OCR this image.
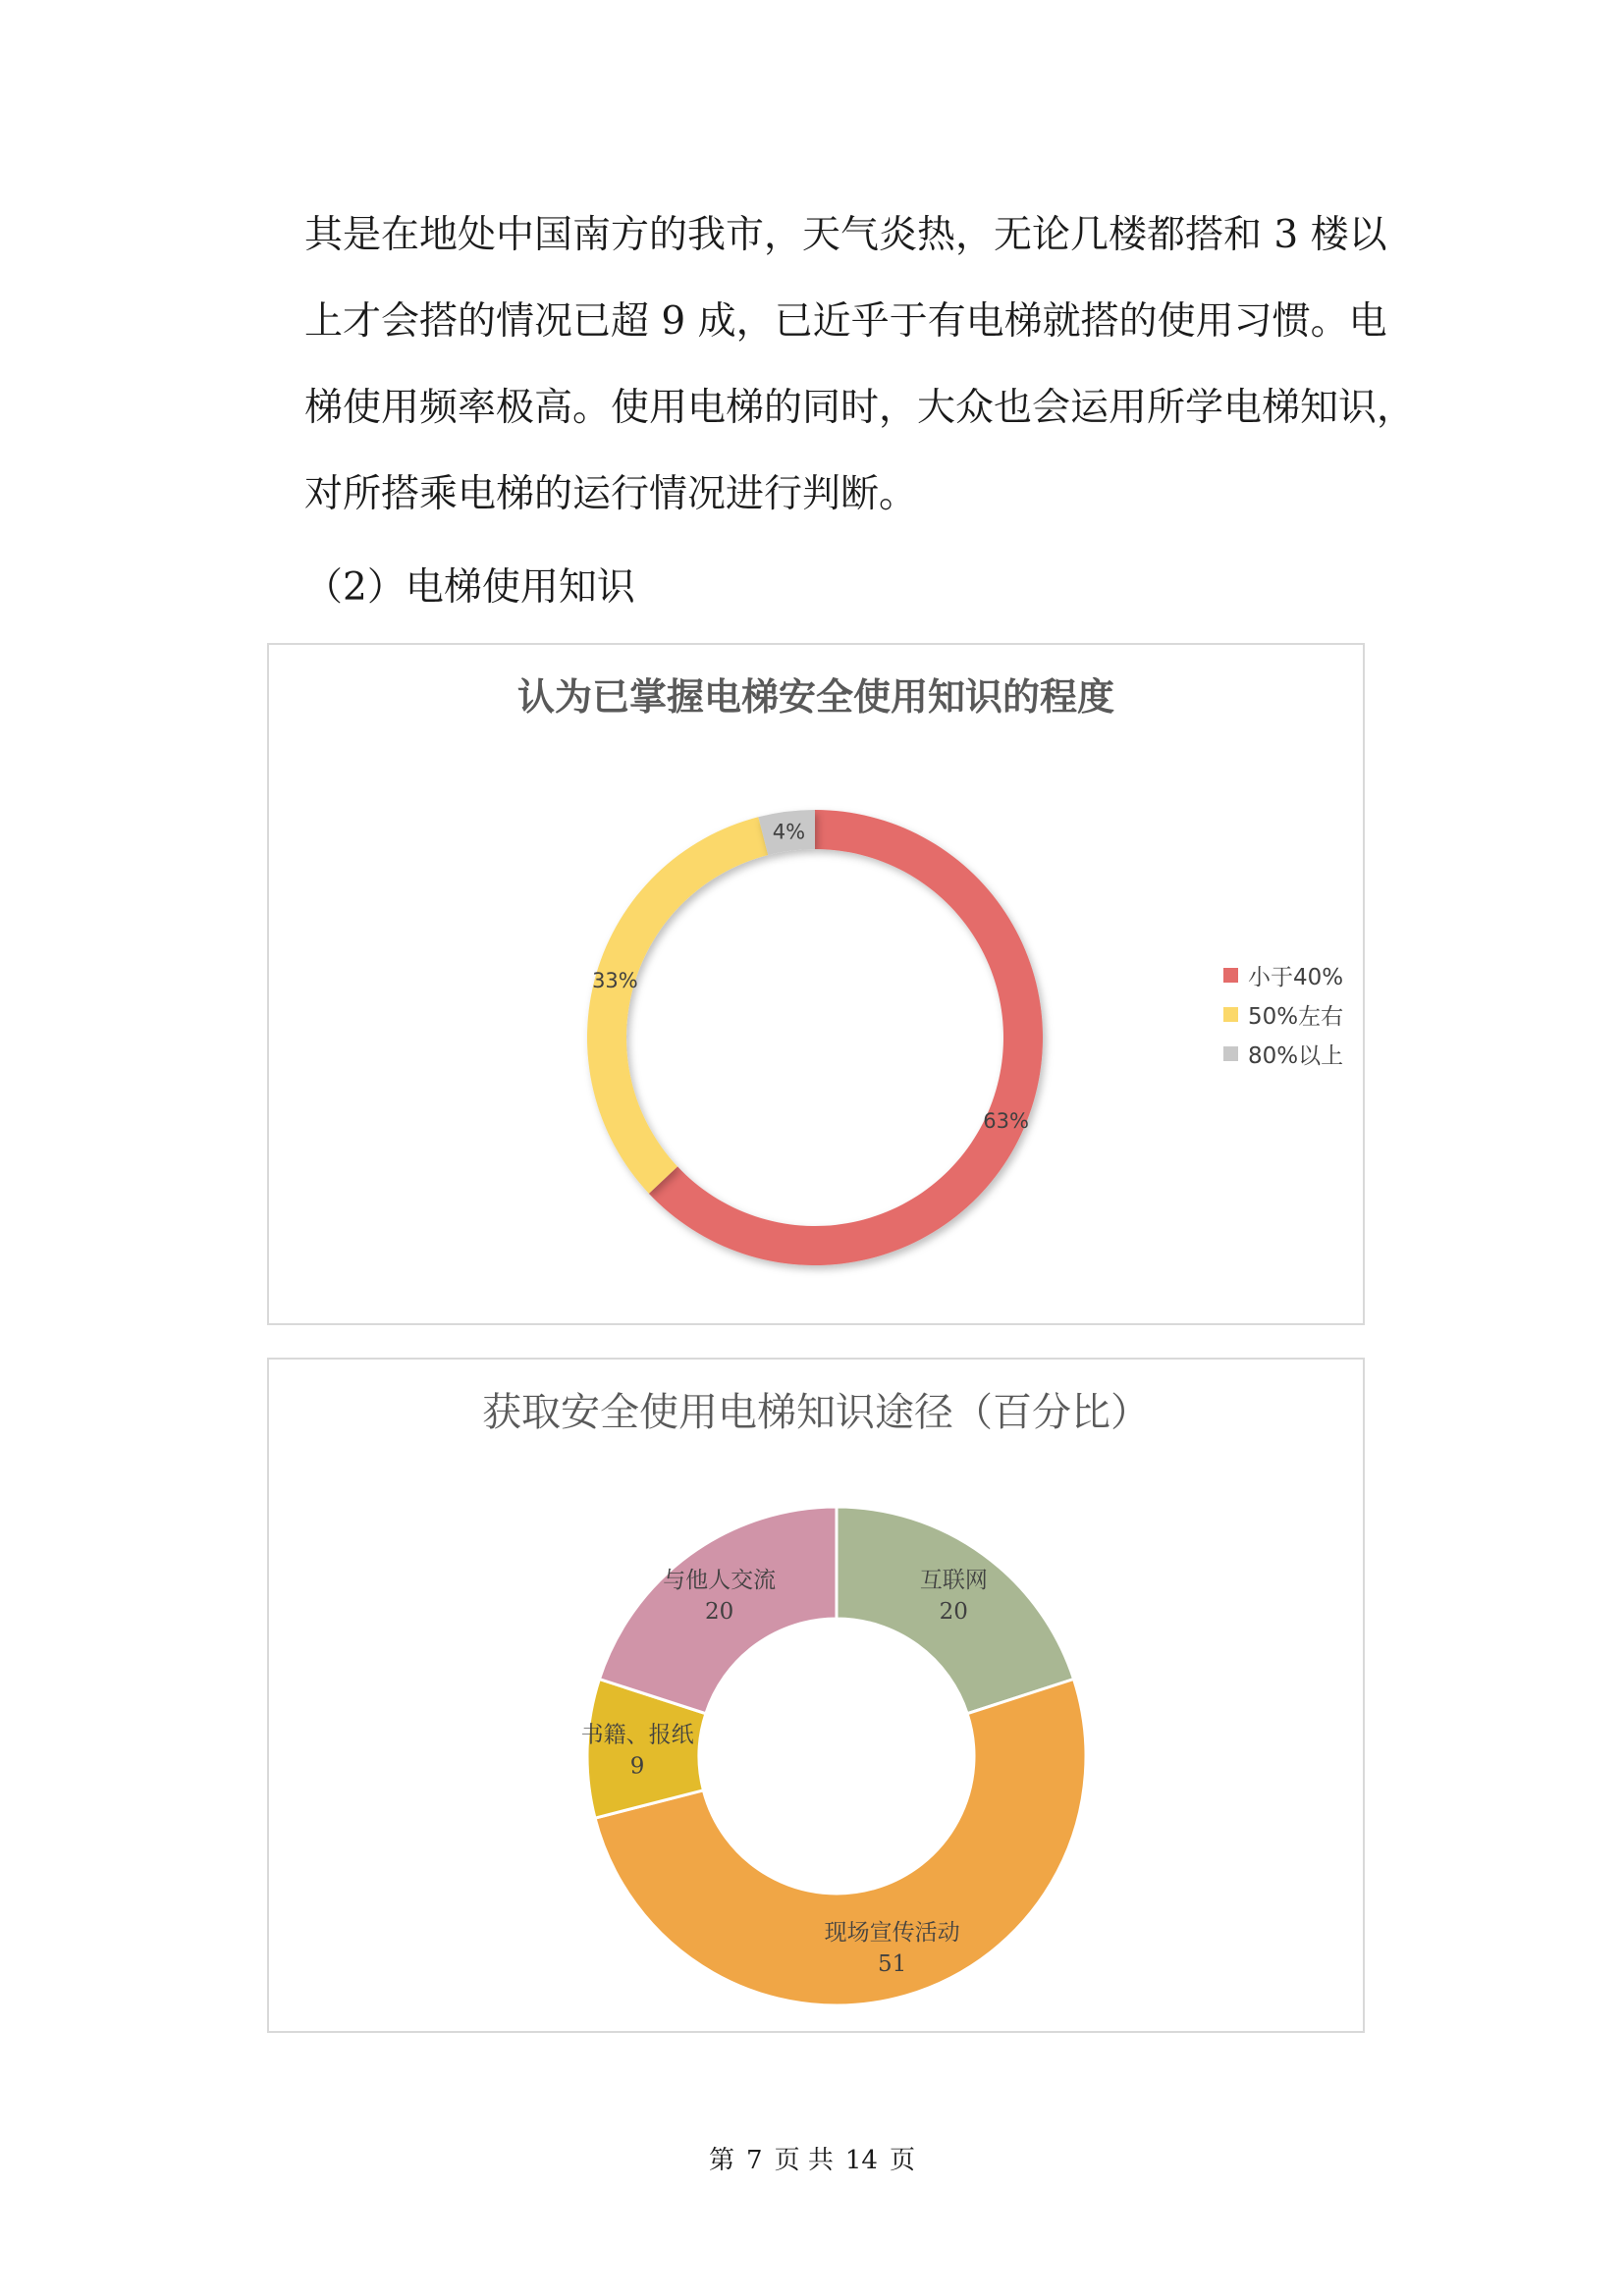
其是在地处中国南方的我市，天气炎热，无论几楼都搭和 3 楼以
上才会搭的情况已超 9 成，已近乎于有电梯就搭的使用习惯。电
梯使用频率极高。使用电梯的同时，大众也会运用所学电梯知识，
对所搭乘电梯的运行情况进行判断。
（2）电梯使用知识
认为已掌握电梯安全使用知识的程度
63%
33%
4%
小于40%
50%左右
80%以上
获取安全使用电梯知识途径（百分比）
互联网
20
现场宣传活动
51
书籍、报纸
9
与他人交流
20
第 7 页 共 14 页
